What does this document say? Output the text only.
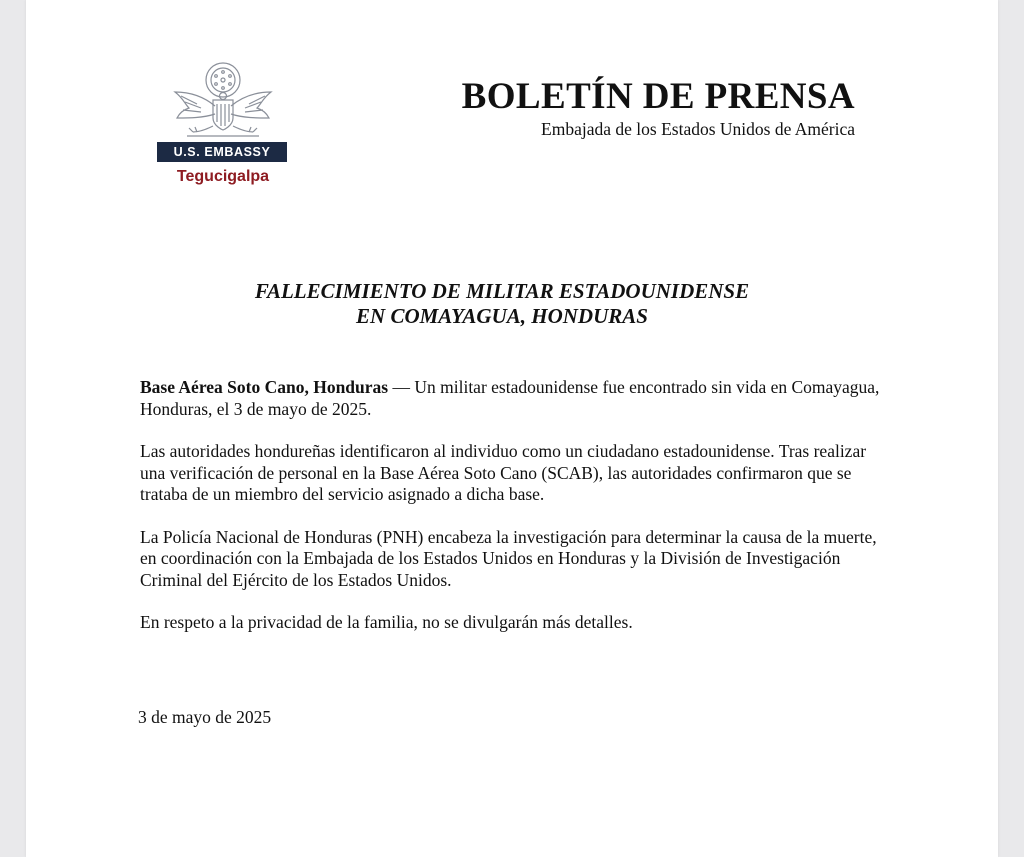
U.S. EMBASSY
Tegucigalpa
BOLETÍN DE PRENSA
Embajada de los Estados Unidos de América
FALLECIMIENTO DE MILITAR ESTADOUNIDENSE
EN COMAYAGUA, HONDURAS

Base Aérea Soto Cano, Honduras — Un militar estadounidense fue encontrado sin vida en Comayagua, Honduras, el 3 de mayo de 2025.

Las autoridades hondureñas identificaron al individuo como un ciudadano estadounidense. Tras realizar una verificación de personal en la Base Aérea Soto Cano (SCAB), las autoridades confirmaron que se trataba de un miembro del servicio asignado a dicha base.

La Policía Nacional de Honduras (PNH) encabeza la investigación para determinar la causa de la muerte, en coordinación con la Embajada de los Estados Unidos en Honduras y la División de Investigación Criminal del Ejército de los Estados Unidos.

En respeto a la privacidad de la familia, no se divulgarán más detalles.

3 de mayo de 2025
